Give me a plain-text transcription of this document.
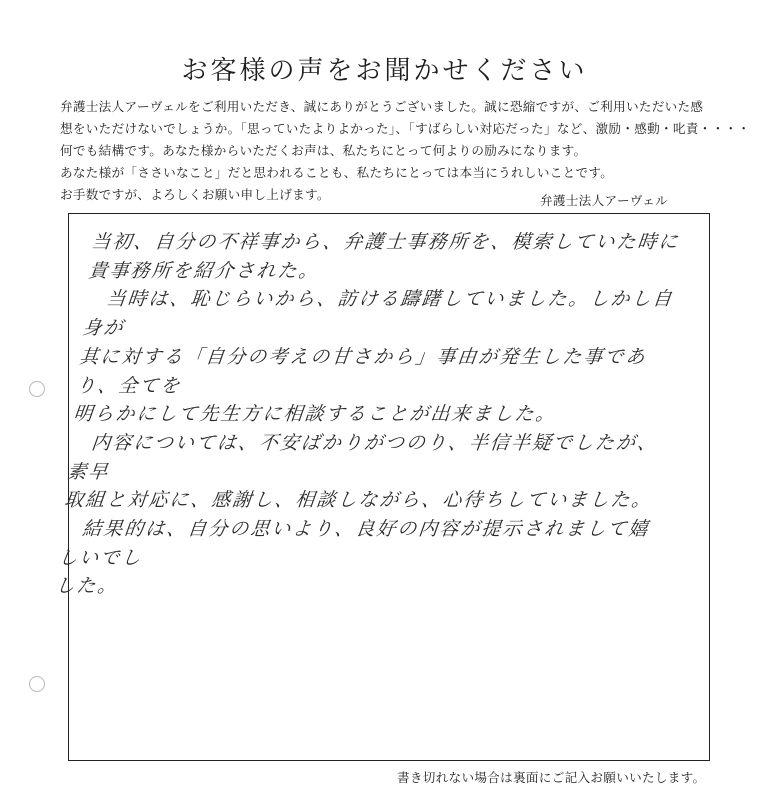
お客様の声をお聞かせください

弁護士法人アーヴェルをご利用いただき、誠にありがとうございました。誠に恐縮ですが、ご利用いただいた感

想をいただけないでしょうか。「思っていたよりよかった」、「すばらしい対応だった」など、激励・感動・叱責・・・・

何でも結構です。あなた様からいただくお声は、私たちにとって何よりの励みになります。

あなた様が「ささいなこと」だと思われることも、私たちにとっては本当にうれしいことです。

お手数ですが、よろしくお願い申し上げます。	弁護士法人アーヴェル

当初、自分の不祥事から、弁護士事務所を、模索していた時に

貴事務所を紹介された。

　当時は、恥じらいから、訪ける躊躇していました。しかし自身が

其に対する「自分の考えの甘さから」事由が発生した事であり、全てを

明らかにして先生方に相談することが出来ました。

　内容については、不安ばかりがつのり、半信半疑でしたが、素早

取組と対応に、感謝し、相談しながら、心待ちしていました。

　結果的は、自分の思いより、良好の内容が提示されまして嬉しいでし

した。

書き切れない場合は裏面にご記入お願いいたします。
